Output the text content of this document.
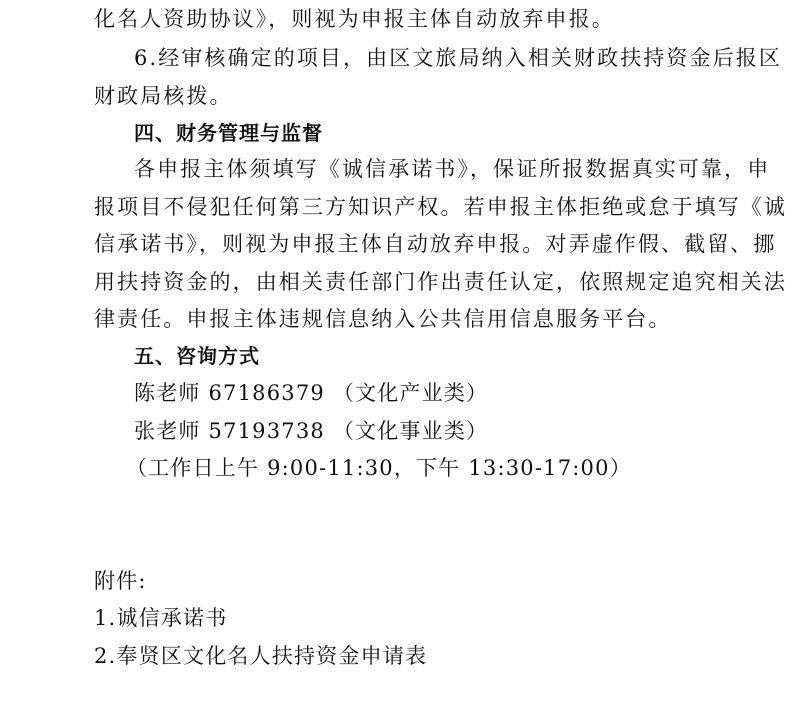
化名人资助协议》，则视为申报主体自动放弃申报。
6.经审核确定的项目，由区文旅局纳入相关财政扶持资金后报区
财政局核拨。
四、财务管理与监督
各申报主体须填写《诚信承诺书》，保证所报数据真实可靠，申
报项目不侵犯任何第三方知识产权。若申报主体拒绝或怠于填写《诚
信承诺书》，则视为申报主体自动放弃申报。对弄虚作假、截留、挪
用扶持资金的，由相关责任部门作出责任认定，依照规定追究相关法
律责任。申报主体违规信息纳入公共信用信息服务平台。
五、咨询方式
陈老师 67186379 （文化产业类）
张老师 57193738 （文化事业类）
（工作日上午 9:00-11:30，下午 13:30-17:00）
附件:
1.诚信承诺书
2.奉贤区文化名人扶持资金申请表
